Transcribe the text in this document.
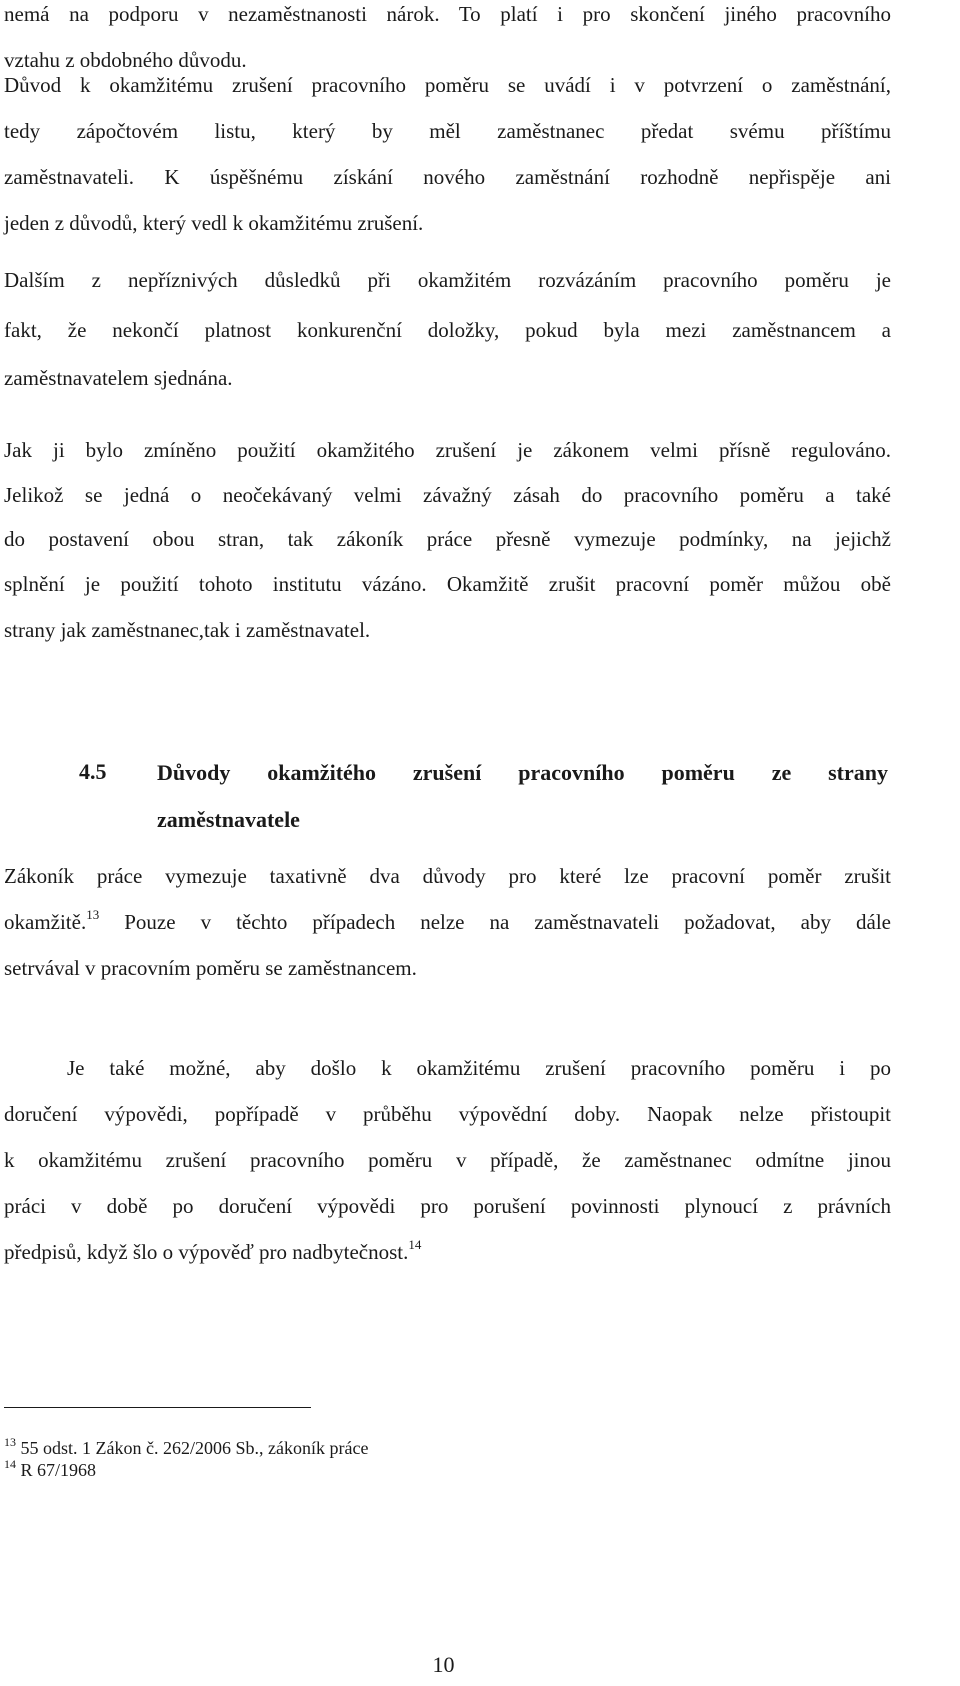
nemá na podporu v nezaměstnanosti nárok. To platí i pro skončení jiného pracovního
vztahu z obdobného důvodu.
Důvod k okamžitému zrušení pracovního poměru se uvádí i v potvrzení o zaměstnání,
tedy zápočtovém listu, který by měl zaměstnanec předat svému příštímu
zaměstnavateli. K úspěšnému získání nového zaměstnání rozhodně nepřispěje ani
jeden z důvodů, který vedl k okamžitému zrušení.
Dalším z nepříznivých důsledků při okamžitém rozvázáním pracovního poměru je
fakt, že nekončí platnost konkurenční doložky, pokud byla mezi zaměstnancem a
zaměstnavatelem sjednána.
Jak ji bylo zmíněno použití okamžitého zrušení je zákonem velmi přísně regulováno.
Jelikož se jedná o neočekávaný velmi závažný zásah do pracovního poměru a také
do postavení obou stran, tak zákoník práce přesně vymezuje podmínky, na jejichž
splnění je použití tohoto institutu vázáno. Okamžitě zrušit pracovní poměr můžou obě
strany jak zaměstnanec,tak i zaměstnavatel.
4.5 Důvody okamžitého zrušení pracovního poměru ze strany
zaměstnavatele
Zákoník práce vymezuje taxativně dva důvody pro které lze pracovní poměr zrušit
okamžitě.$^{13}$ Pouze v těchto případech nelze na zaměstnavateli požadovat, aby dále
setrvával v pracovním poměru se zaměstnancem.
Je také možné, aby došlo k okamžitému zrušení pracovního poměru i po
doručení výpovědi, popřípadě v průběhu výpovědní doby. Naopak nelze přistoupit
k okamžitému zrušení pracovního poměru v případě, že zaměstnanec odmítne jinou
práci v době po doručení výpovědi pro porušení povinnosti plynoucí z právních
předpisů, když šlo o výpověď pro nadbytečnost.$^{14}$
$^{13}$ 55 odst. 1 Zákon č. 262/2006 Sb., zákoník práce
$^{14}$ R 67/1968
10
